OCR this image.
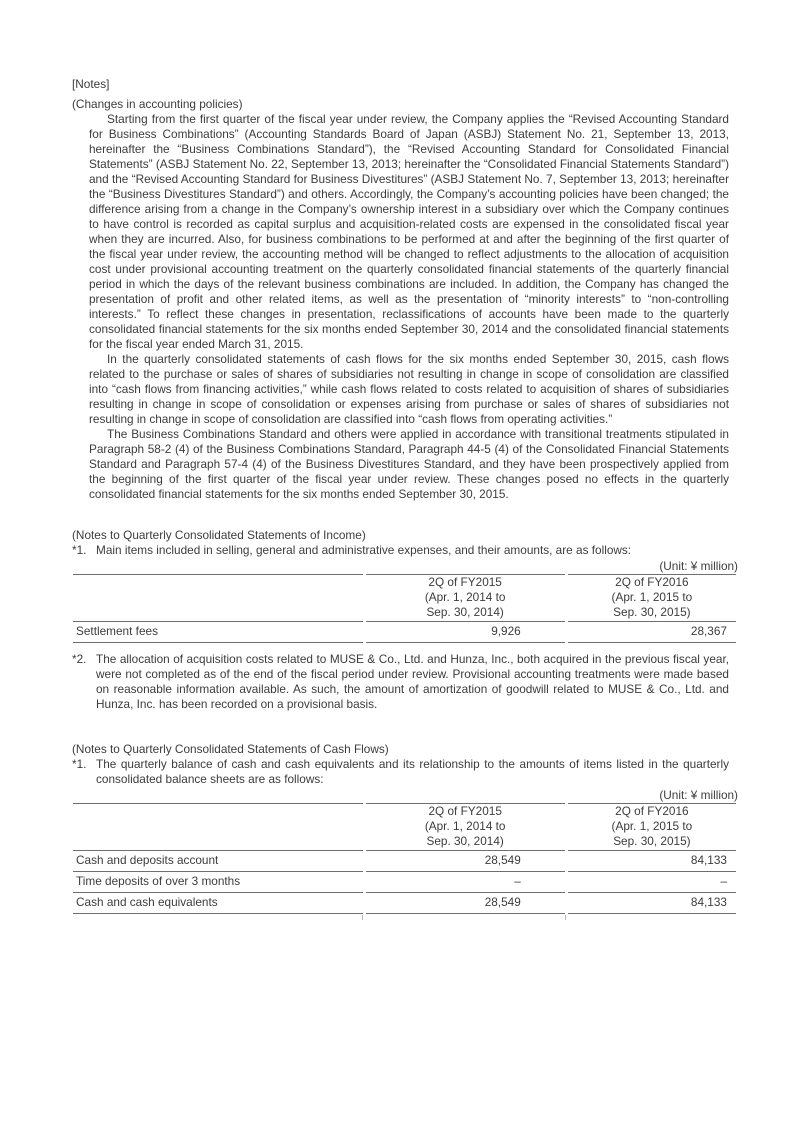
[Notes]

(Changes in accounting policies)

Starting from the first quarter of the fiscal year under review, the Company applies the “Revised Accounting Standard for Business Combinations” (Accounting Standards Board of Japan (ASBJ) Statement No. 21, September 13, 2013, hereinafter the “Business Combinations Standard”), the “Revised Accounting Standard for Consolidated Financial Statements” (ASBJ Statement No. 22, September 13, 2013; hereinafter the “Consolidated Financial Statements Standard”) and the “Revised Accounting Standard for Business Divestitures” (ASBJ Statement No. 7, September 13, 2013; hereinafter the “Business Divestitures Standard”) and others. Accordingly, the Company’s accounting policies have been changed; the difference arising from a change in the Company’s ownership interest in a subsidiary over which the Company continues to have control is recorded as capital surplus and acquisition-related costs are expensed in the consolidated fiscal year when they are incurred. Also, for business combinations to be performed at and after the beginning of the first quarter of the fiscal year under review, the accounting method will be changed to reflect adjustments to the allocation of acquisition cost under provisional accounting treatment on the quarterly consolidated financial statements of the quarterly financial period in which the days of the relevant business combinations are included. In addition, the Company has changed the presentation of profit and other related items, as well as the presentation of “minority interests” to “non-controlling interests.” To reflect these changes in presentation, reclassifications of accounts have been made to the quarterly consolidated financial statements for the six months ended September 30, 2014 and the consolidated financial statements for the fiscal year ended March 31, 2015.

In the quarterly consolidated statements of cash flows for the six months ended September 30, 2015, cash flows related to the purchase or sales of shares of subsidiaries not resulting in change in scope of consolidation are classified into “cash flows from financing activities,” while cash flows related to costs related to acquisition of shares of subsidiaries resulting in change in scope of consolidation or expenses arising from purchase or sales of shares of subsidiaries not resulting in change in scope of consolidation are classified into “cash flows from operating activities.”

The Business Combinations Standard and others were applied in accordance with transitional treatments stipulated in Paragraph 58-2 (4) of the Business Combinations Standard, Paragraph 44-5 (4) of the Consolidated Financial Statements Standard and Paragraph 57-4 (4) of the Business Divestitures Standard, and they have been prospectively applied from the beginning of the first quarter of the fiscal year under review. These changes posed no effects in the quarterly consolidated financial statements for the six months ended September 30, 2015.

(Notes to Quarterly Consolidated Statements of Income)

*1. Main items included in selling, general and administrative expenses, and their amounts, are as follows:
(Unit: ¥ million)

2Q of FY2015
(Apr. 1, 2014 to
Sep. 30, 2014)

2Q of FY2016
(Apr. 1, 2015 to
Sep. 30, 2015)

Settlement fees	9,926	28,367
*2. The allocation of acquisition costs related to MUSE & Co., Ltd. and Hunza, Inc., both acquired in the previous fiscal year, were not completed as of the end of the fiscal period under review. Provisional accounting treatments were made based on reasonable information available. As such, the amount of amortization of goodwill related to MUSE & Co., Ltd. and Hunza, Inc. has been recorded on a provisional basis.

(Notes to Quarterly Consolidated Statements of Cash Flows)

*1. The quarterly balance of cash and cash equivalents and its relationship to the amounts of items listed in the quarterly consolidated balance sheets are as follows:
(Unit: ¥ million)

2Q of FY2015
(Apr. 1, 2014 to
Sep. 30, 2014)

2Q of FY2016
(Apr. 1, 2015 to
Sep. 30, 2015)

Cash and deposits account	28,549	84,133
Time deposits of over 3 months	–	–
Cash and cash equivalents	28,549	84,133
